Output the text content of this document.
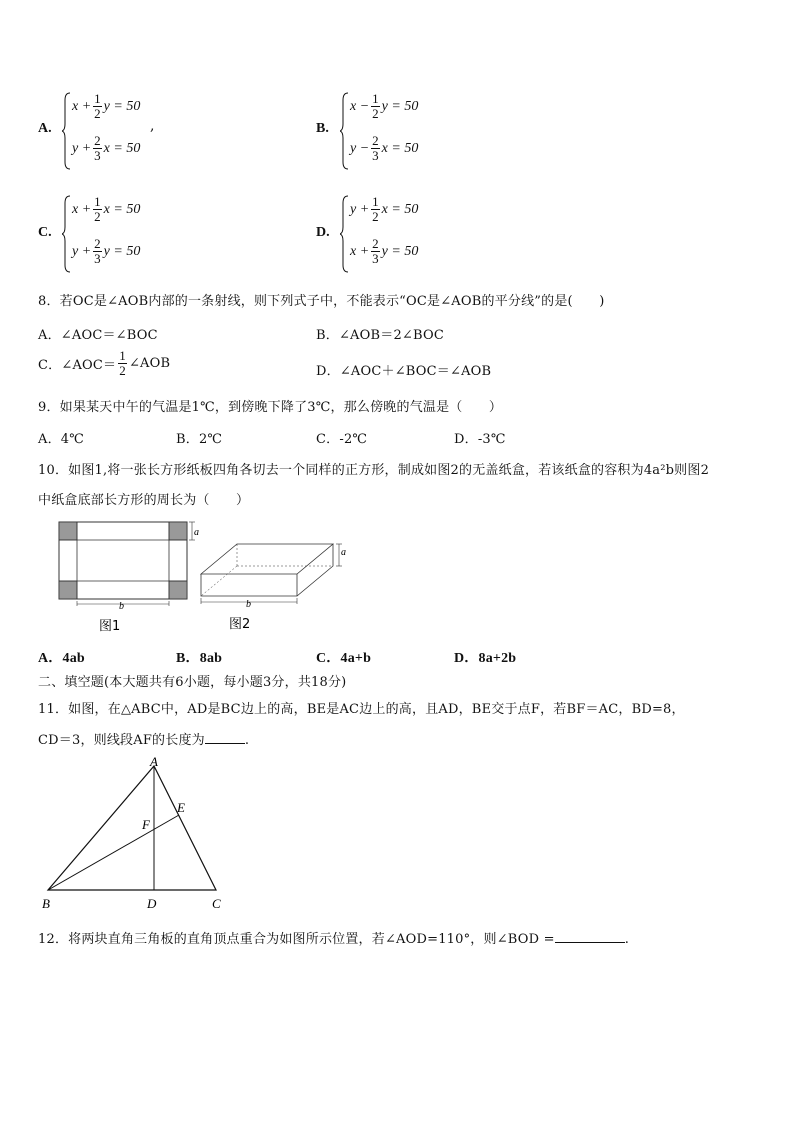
A.
$x + \frac{1}{2}$ y = 50
$y + \frac{2}{3}$ x = 50
,	B.
$x - \frac{1}{2}$ y = 50
$y - \frac{2}{3}$ x = 50
C.
$x + \frac{1}{2}$ x = 50
$y + \frac{2}{3}$ y = 50
D.
$y + \frac{1}{2}$ x = 50
$x + \frac{2}{3}$ y = 50
8．若OC是∠AOB内部的一条射线，则下列式子中，不能表示“OC是∠AOB的平分线”的是(　　)
A．∠AOC＝∠BOC	B．∠AOB＝2∠BOC
C．∠AOC＝ $\frac{1}{2}$ ∠AOB
D．∠AOC＋∠BOC＝∠AOB
9．如果某天中午的气温是1℃，到傍晚下降了3℃，那么傍晚的气温是（　　）
A．4℃	B．2℃	C．-2℃	D．-3℃
10．如图1,将一张长方形纸板四角各切去一个同样的正方形，制成如图2的无盖纸盒，若该纸盒的容积为4a²b则图2
中纸盒底部长方形的周长为（　　）
a
b
图1
a
b
图2
A．4ab	B．8ab	C．4a+b	D．8a+2b
二、填空题(本大题共有6小题，每小题3分，共18分)
11．如图，在△ABC中，AD是BC边上的高，BE是AC边上的高，且AD，BE交于点F，若BF＝AC，BD=8，
CD＝3，则线段AF的长度为	.
A
B	C
D
E
F
12．将两块直角三角板的直角顶点重合为如图所示位置，若∠AOD=110°，则∠BOD =	.
